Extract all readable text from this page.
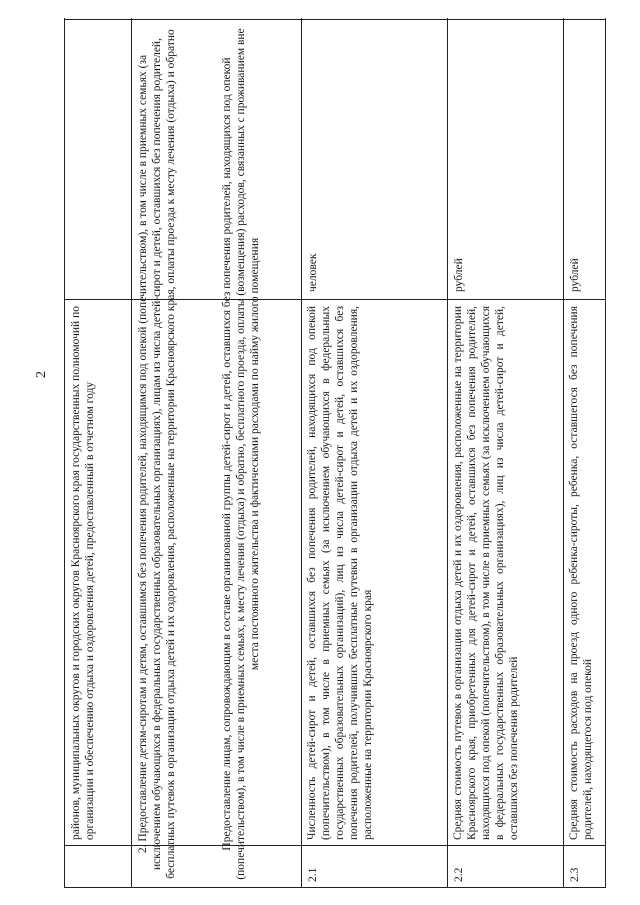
2 районов, муниципальных округов и городских округов Красноярского края государственных полномочий по организации и обеспечению отдыха и оздоровления детей, предоставленный в отчетном году	2. Предоставление детям-сиротам и детям, оставшимся без попечения родителей, находящимся под опекой (попечительством), в том числе в приемных семьях (за исключением обучающихся в федеральных государственных образовательных организациях), лицам из числа детей-сирот и детей, оставшихся без попечения родителей, бесплатных путевок в организации отдыха детей и их оздоровления, расположенные на территории Красноярского края, оплаты проезда к месту лечения (отдыха) и обратно	Предоставление лицам, сопровождающим в составе организованной группы детей-сирот и детей, оставшихся без попечения родителей, находящихся под опекой (попечительством), в том числе в приемных семьях, к месту лечения (отдыха) и обратно, бесплатного проезда, оплаты (возмещения) расходов, связанных с проживанием вне места постоянного жительства и фактическими расходами по найму жилого помещения
2.1
Численность детей-сирот и детей, оставшихся без попечения родителей, находящихся под опекой (попечительством), в том числе в приемных семьях (за исключением обучающихся в федеральных государственных образовательных организаций), лиц из числа детей-сирот и детей, оставшихся без попечения родителей, получивших бесплатные путевки в организации отдыха детей и их оздоровления, расположенные на территории Красноярского края
человек
2.2
Средняя стоимость путевок в организации отдыха детей и их оздоровления, расположенные на территории Красноярского края, приобретенных для детей-сирот и детей, оставшихся без попечения родителей, находящихся под опекой (попечительством), в том числе в приемных семьях (за исключением обучающихся в федеральных государственных образовательных организациях), лиц из числа детей-сирот и детей, оставшихся без попечения родителей
рублей
2.3
Средняя стоимость расходов на проезд одного ребенка-сироты, ребенка, оставшегося без попечения родителей, находящегося под опекой
рублей
